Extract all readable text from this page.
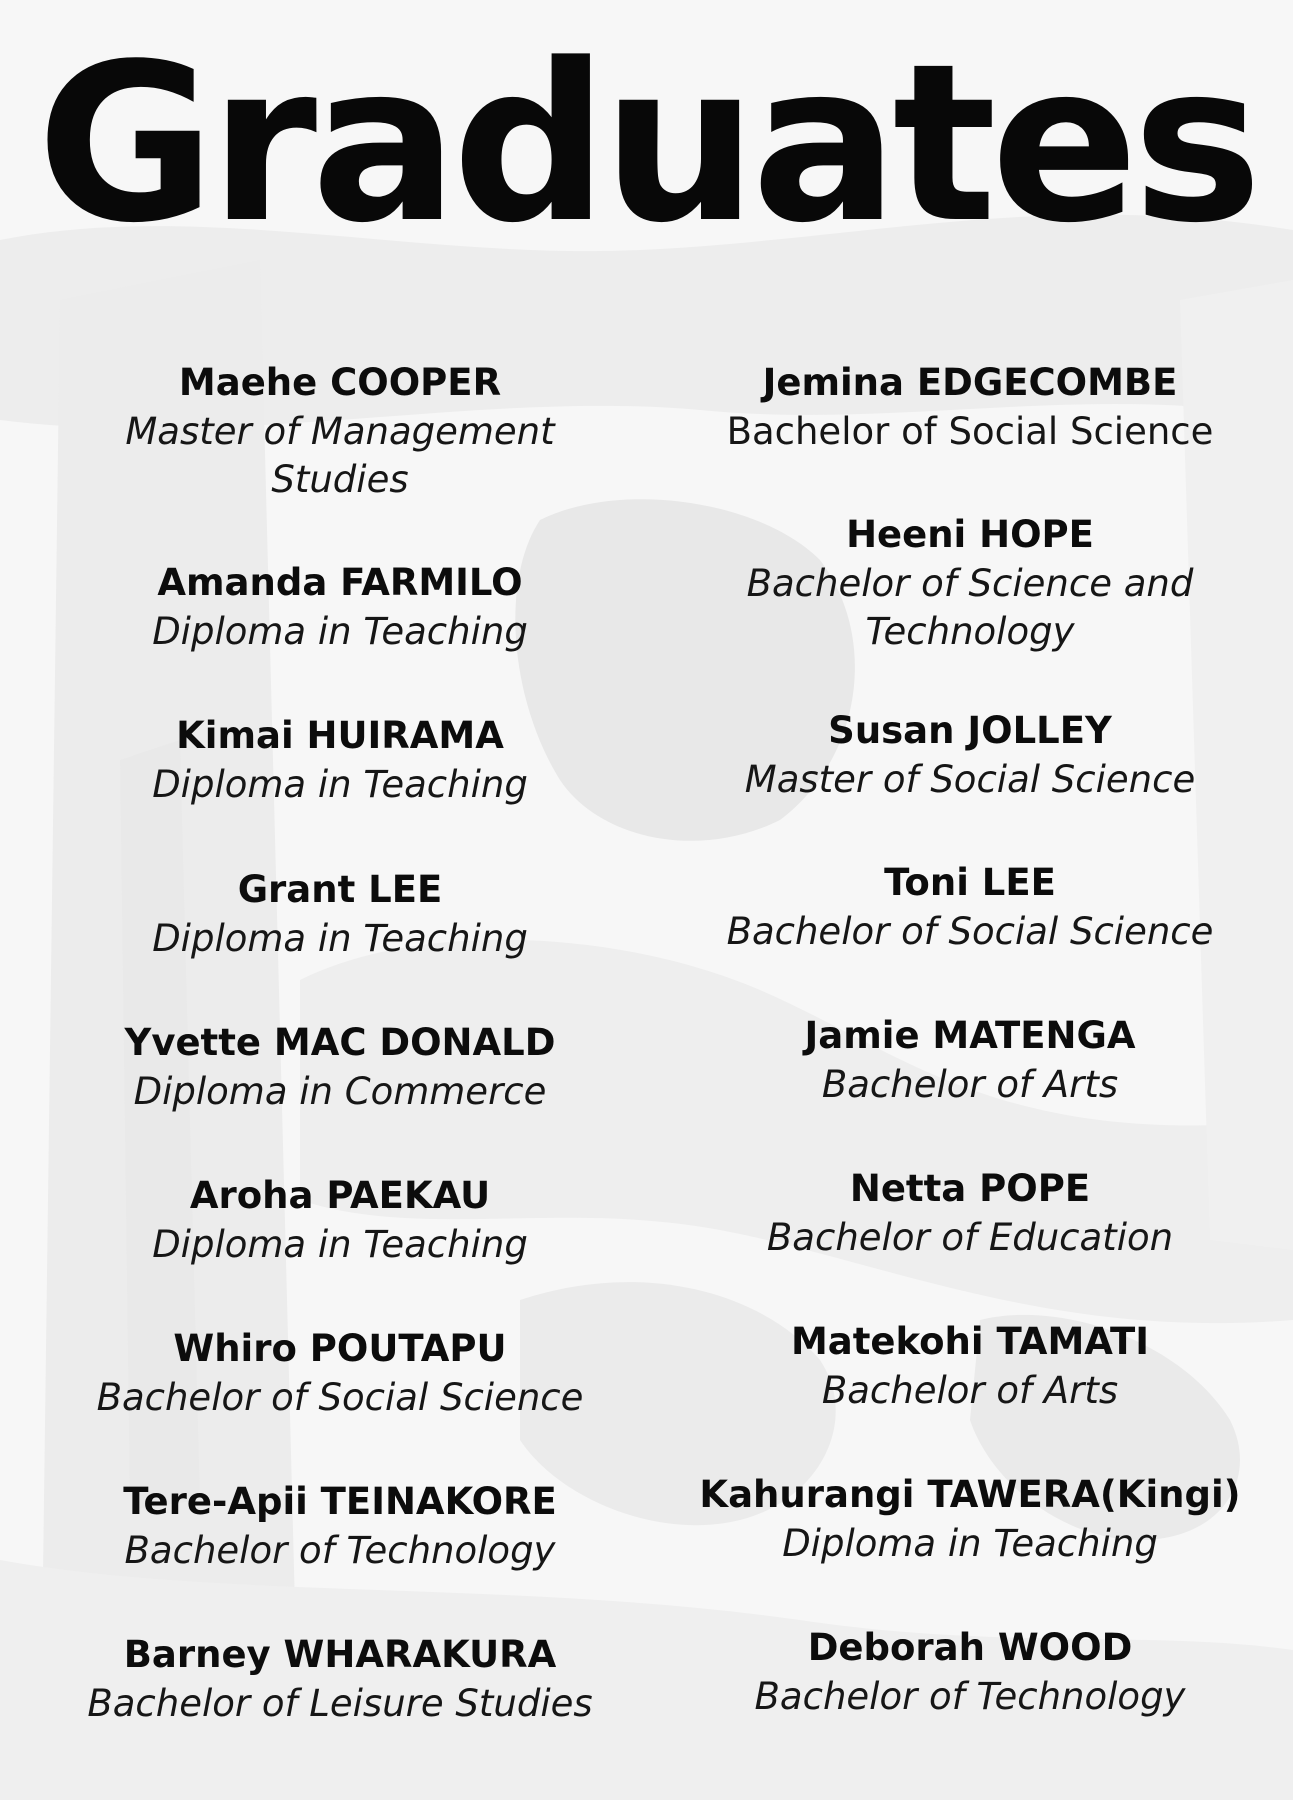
Graduates
Maehe COOPER
Master of Management Studies
Amanda FARMILO
Diploma in Teaching
Kimai HUIRAMA
Diploma in Teaching
Grant LEE
Diploma in Teaching
Yvette MAC DONALD
Diploma in Commerce
Aroha PAEKAU
Diploma in Teaching
Whiro POUTAPU
Bachelor of Social Science
Tere-Apii TEINAKORE
Bachelor of Technology
Barney WHARAKURA
Bachelor of Leisure Studies
Jemina EDGECOMBE
Bachelor of Social Science
Heeni HOPE
Bachelor of Science and Technology
Susan JOLLEY
Master of Social Science
Toni LEE
Bachelor of Social Science
Jamie MATENGA
Bachelor of Arts
Netta POPE
Bachelor of Education
Matekohi TAMATI
Bachelor of Arts
Kahurangi TAWERA(Kingi)
Diploma in Teaching
Deborah WOOD
Bachelor of Technology
